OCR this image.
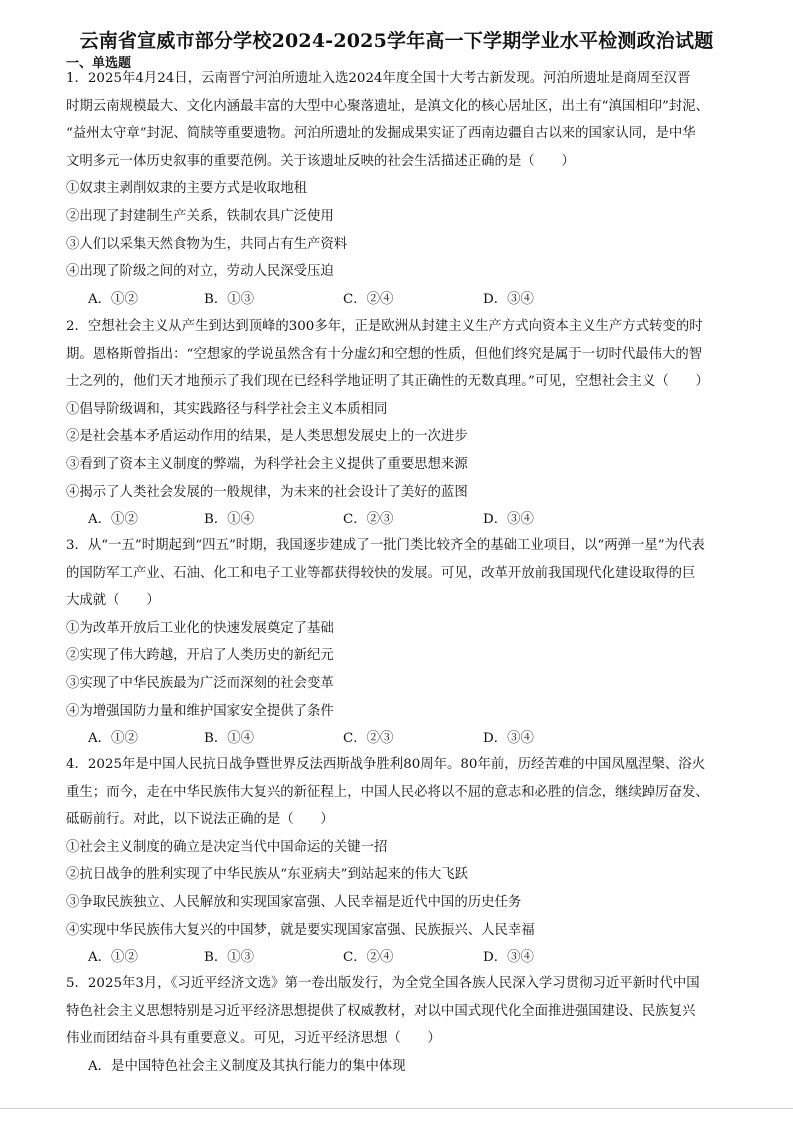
云南省宣威市部分学校2024-2025学年高一下学期学业水平检测政治试题
一、单选题
1．2025年4月24日，云南晋宁河泊所遗址入选2024年度全国十大考古新发现。河泊所遗址是商周至汉晋
时期云南规模最大、文化内涵最丰富的大型中心聚落遗址，是滇文化的核心居址区，出土有“滇国相印”封泥、
“益州太守章”封泥、简牍等重要遗物。河泊所遗址的发掘成果实证了西南边疆自古以来的国家认同，是中华
文明多元一体历史叙事的重要范例。关于该遗址反映的社会生活描述正确的是（　　）
①奴隶主剥削奴隶的主要方式是收取地租
②出现了封建制生产关系，铁制农具广泛使用
③人们以采集天然食物为生，共同占有生产资料
④出现了阶级之间的对立，劳动人民深受压迫
A．①②	B．①③	C．②④	D．③④
2．空想社会主义从产生到达到顶峰的300多年，正是欧洲从封建主义生产方式向资本主义生产方式转变的时
期。恩格斯曾指出：“空想家的学说虽然含有十分虚幻和空想的性质，但他们终究是属于一切时代最伟大的智
士之列的，他们天才地预示了我们现在已经科学地证明了其正确性的无数真理。”可见，空想社会主义（　　）
①倡导阶级调和，其实践路径与科学社会主义本质相同
②是社会基本矛盾运动作用的结果，是人类思想发展史上的一次进步
③看到了资本主义制度的弊端，为科学社会主义提供了重要思想来源
④揭示了人类社会发展的一般规律，为未来的社会设计了美好的蓝图
A．①②	B．①④	C．②③	D．③④
3．从“一五”时期起到“四五”时期，我国逐步建成了一批门类比较齐全的基础工业项目，以“两弹一星”为代表
的国防军工产业、石油、化工和电子工业等都获得较快的发展。可见，改革开放前我国现代化建设取得的巨
大成就（　　）
①为改革开放后工业化的快速发展奠定了基础
②实现了伟大跨越，开启了人类历史的新纪元
③实现了中华民族最为广泛而深刻的社会变革
④为增强国防力量和维护国家安全提供了条件
A．①②	B．①④	C．②③	D．③④
4．2025年是中国人民抗日战争暨世界反法西斯战争胜利80周年。80年前，历经苦难的中国凤凰涅槃、浴火
重生；而今，走在中华民族伟大复兴的新征程上，中国人民必将以不屈的意志和必胜的信念，继续踔厉奋发、
砥砺前行。对此，以下说法正确的是（　　）
①社会主义制度的确立是决定当代中国命运的关键一招
②抗日战争的胜利实现了中华民族从“东亚病夫”到站起来的伟大飞跃
③争取民族独立、人民解放和实现国家富强、人民幸福是近代中国的历史任务
④实现中华民族伟大复兴的中国梦，就是要实现国家富强、民族振兴、人民幸福
A．①②	B．①③	C．②④	D．③④
5．2025年3月，《习近平经济文选》第一卷出版发行，为全党全国各族人民深入学习贯彻习近平新时代中国
特色社会主义思想特别是习近平经济思想提供了权威教材，对以中国式现代化全面推进强国建设、民族复兴
伟业而团结奋斗具有重要意义。可见，习近平经济思想（　　）
A．是中国特色社会主义制度及其执行能力的集中体现
